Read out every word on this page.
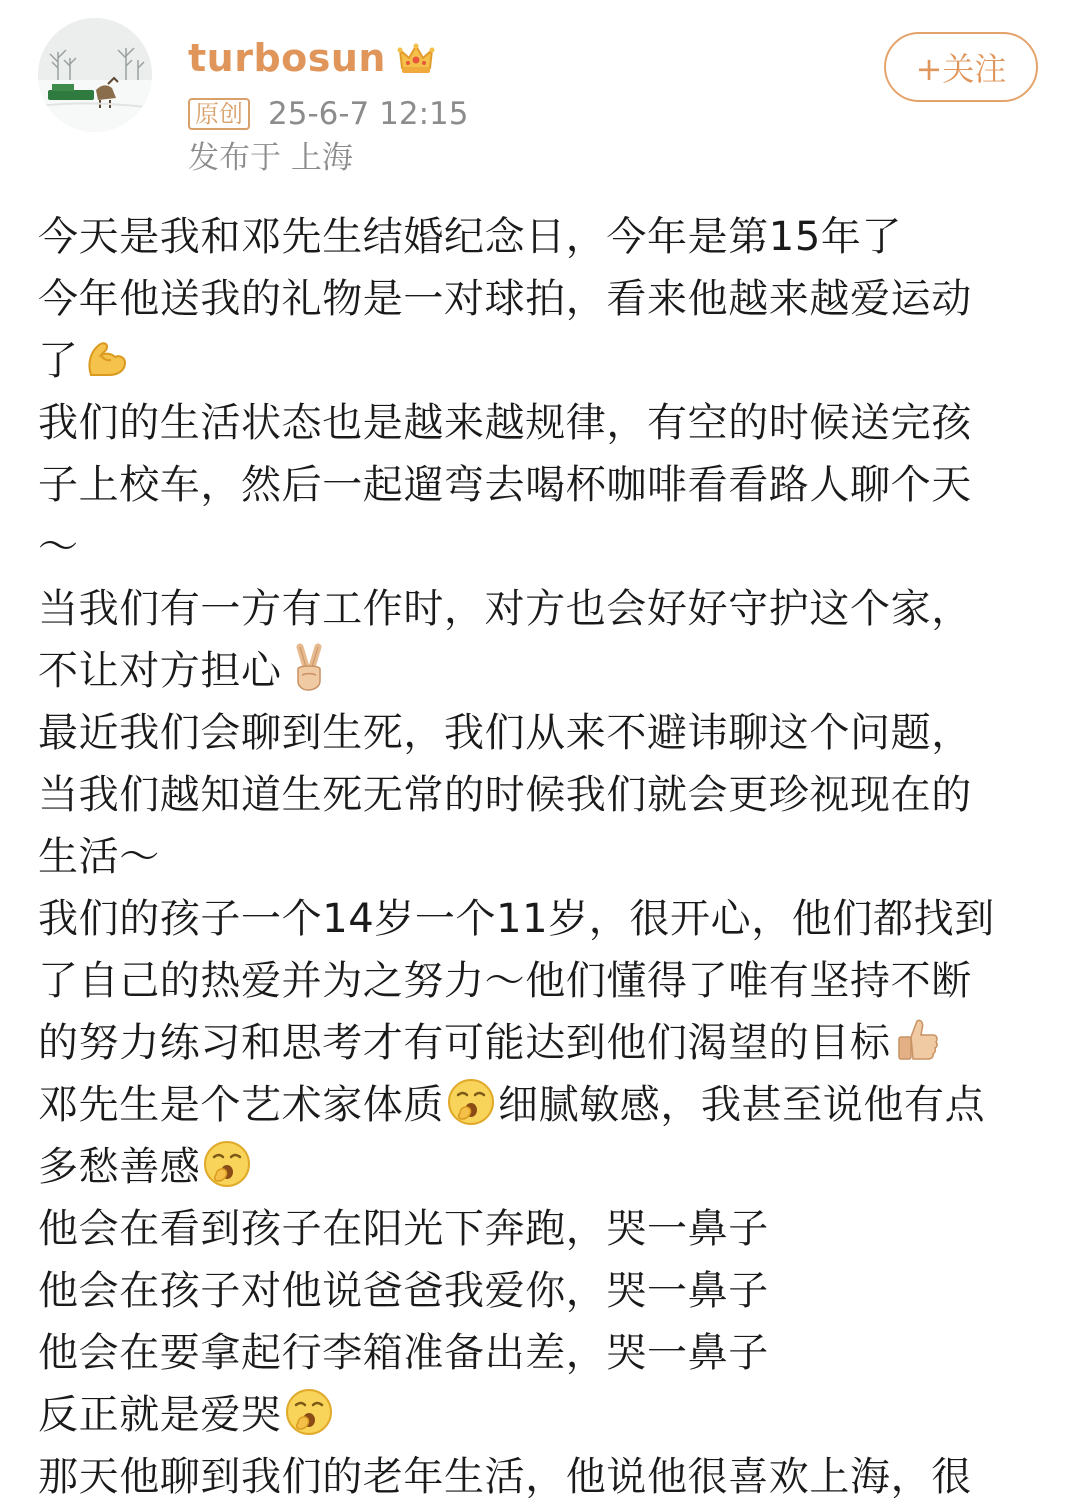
turbosun
原创 25-6-7 12:15
发布于 上海
+关注
今天是我和邓先生结婚纪念日，今年是第15年了
今年他送我的礼物是一对球拍，看来他越来越爱运动
了
我们的生活状态也是越来越规律，有空的时候送完孩
子上校车，然后一起遛弯去喝杯咖啡看看路人聊个天
～
当我们有一方有工作时，对方也会好好守护这个家，
不让对方担心
最近我们会聊到生死，我们从来不避讳聊这个问题，
当我们越知道生死无常的时候我们就会更珍视现在的
生活～
我们的孩子一个14岁一个11岁，很开心，他们都找到
了自己的热爱并为之努力～他们懂得了唯有坚持不断
的努力练习和思考才有可能达到他们渴望的目标
邓先生是个艺术家体质 细腻敏感，我甚至说他有点
多愁善感
他会在看到孩子在阳光下奔跑，哭一鼻子
他会在孩子对他说爸爸我爱你，哭一鼻子
他会在要拿起行李箱准备出差，哭一鼻子
反正就是爱哭
那天他聊到我们的老年生活，他说他很喜欢上海，很
